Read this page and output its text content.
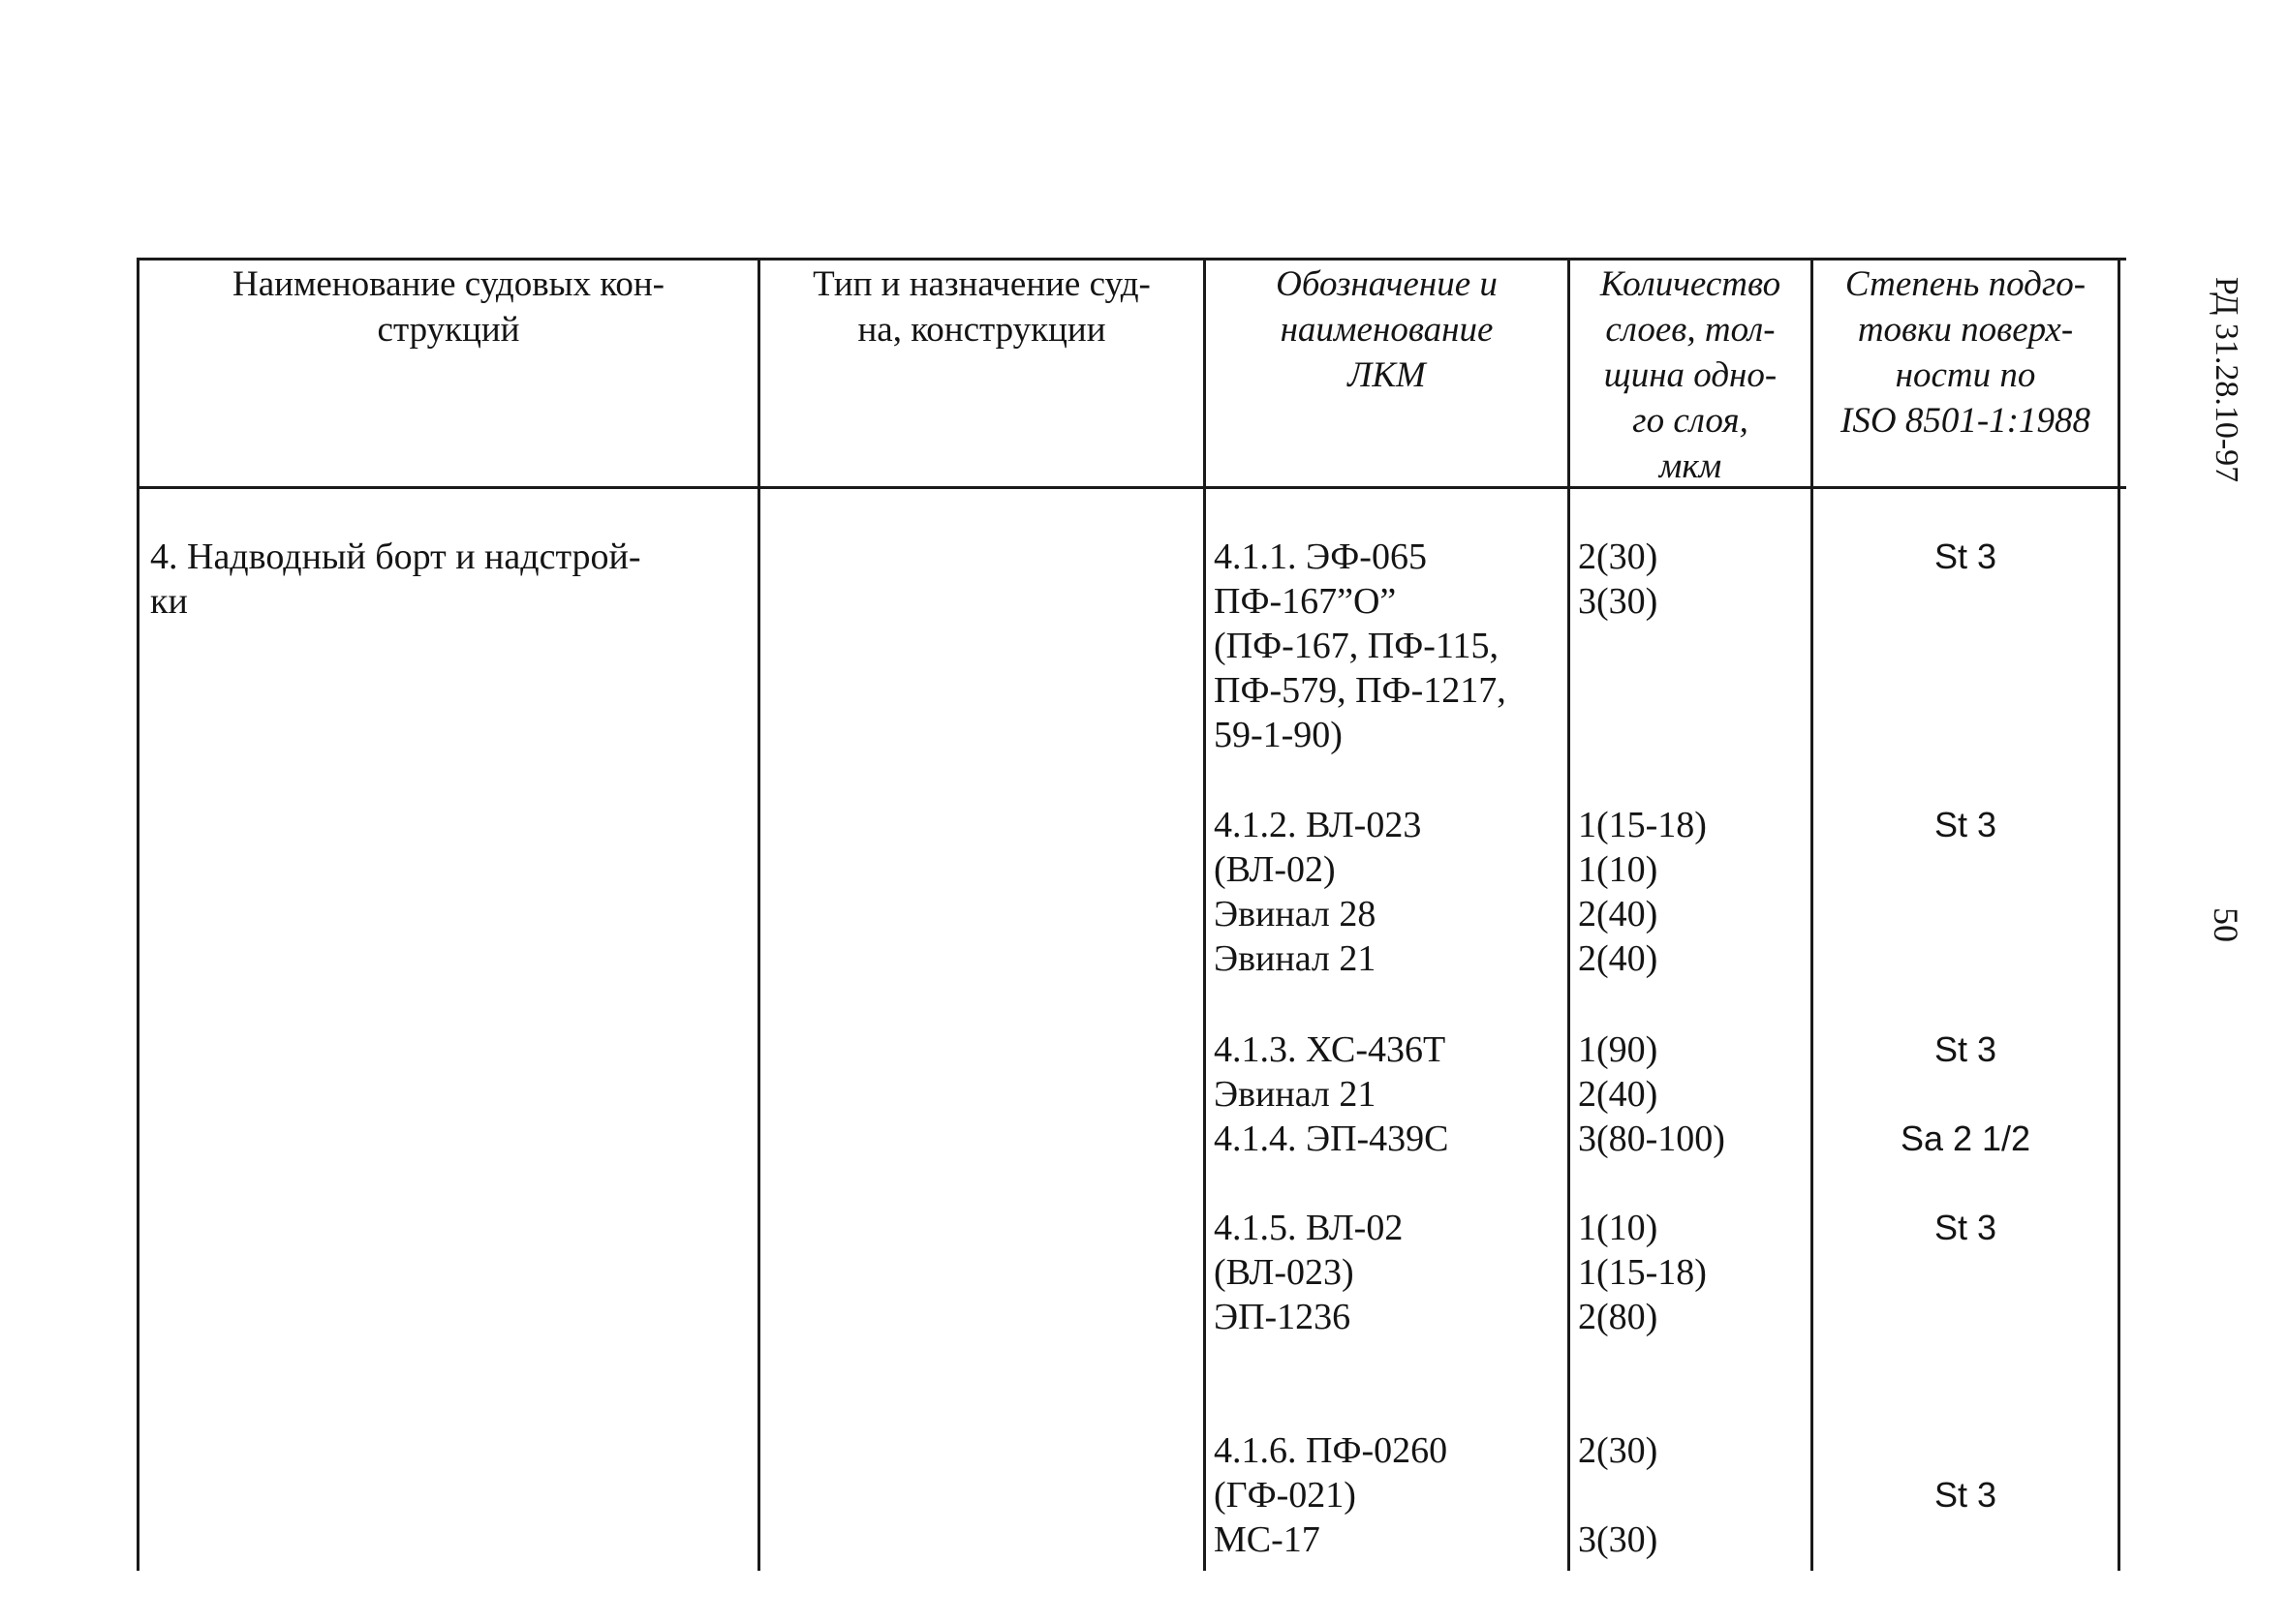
РД 31.28.10-97
50
Наименование судовых кон-
струкций
Тип и назначение суд-
на, конструкции
Обозначение и
наименование
ЛКМ
Количество
слоев, тол-
щина одно-
го слоя,
мкм
Степень подго-
товки поверх-
ности по
ISO 8501-1:1988
4. Надводный борт и надстрой-
ки
4.1.1. ЭФ-065
ПФ-167”О”
(ПФ-167, ПФ-115,
ПФ-579, ПФ-1217,
59-1-90)
2(30)
3(30)
St 3
4.1.2. ВЛ-023
(ВЛ-02)
Эвинал 28
Эвинал 21
1(15-18)
1(10)
2(40)
2(40)
St 3
4.1.3. ХС-436Т
Эвинал 21
1(90)
2(40)
St 3
4.1.4. ЭП-439С	3(80-100)	Sa 2 1/2
4.1.5. ВЛ-02
(ВЛ-023)
ЭП-1236
1(10)
1(15-18)
2(80)
St 3
4.1.6. ПФ-0260
(ГФ-021)
МС-17
2(30)

3(30)
St 3
